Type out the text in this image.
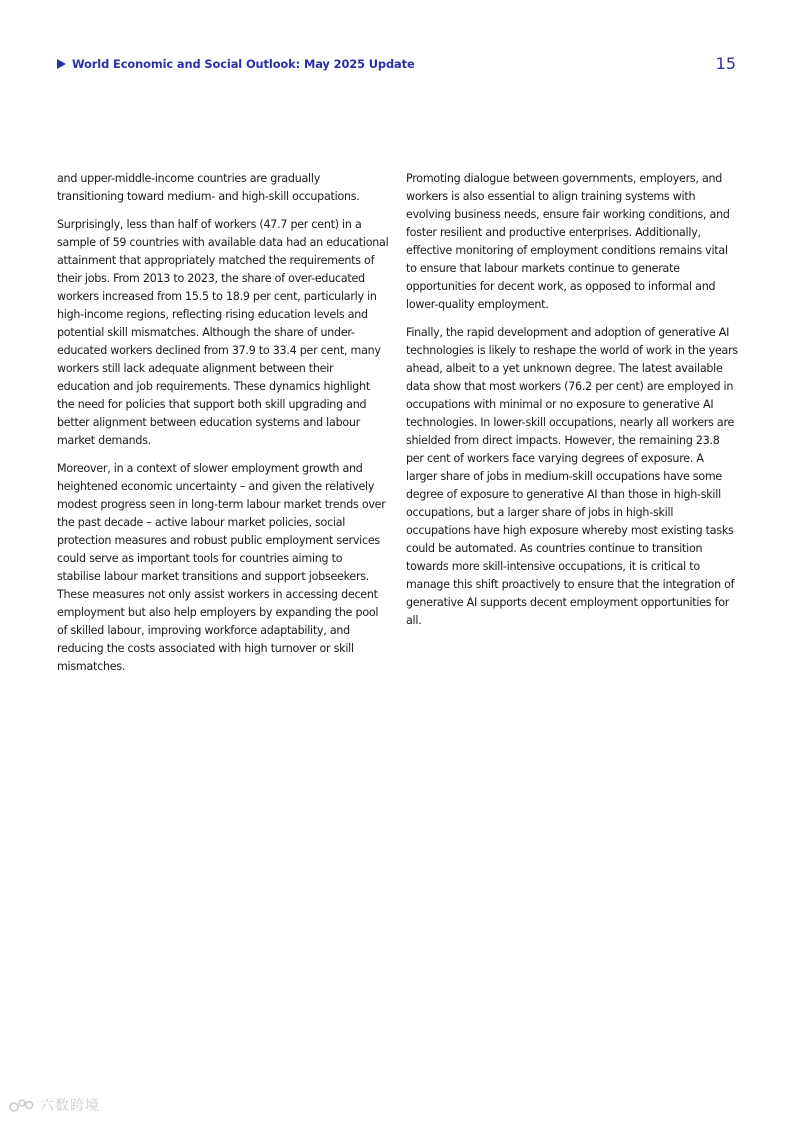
World Economic and Social Outlook: May 2025 Update	15

and upper-middle-income countries are gradually transitioning toward medium- and high-skill occupations.

Surprisingly, less than half of workers (47.7 per cent) in a sample of 59 countries with available data had an educational attainment that appropriately matched the requirements of their jobs. From 2013 to 2023, the share of over-educated workers increased from 15.5 to 18.9 per cent, particularly in high-income regions, reflecting rising education levels and potential skill mismatches. Although the share of under-educated workers declined from 37.9 to 33.4 per cent, many workers still lack adequate alignment between their education and job requirements. These dynamics highlight the need for policies that support both skill upgrading and better alignment between education systems and labour market demands.

Moreover, in a context of slower employment growth and heightened economic uncertainty – and given the relatively modest progress seen in long-term labour market trends over the past decade – active labour market policies, social protection measures and robust public employment services could serve as important tools for countries aiming to stabilise labour market transitions and support jobseekers. These measures not only assist workers in accessing decent employment but also help employers by expanding the pool of skilled labour, improving workforce adaptability, and reducing the costs associated with high turnover or skill mismatches.

Promoting dialogue between governments, employers, and workers is also essential to align training systems with evolving business needs, ensure fair working conditions, and foster resilient and productive enterprises. Additionally, effective monitoring of employment conditions remains vital to ensure that labour markets continue to generate opportunities for decent work, as opposed to informal and lower-quality employment.

Finally, the rapid development and adoption of generative AI technologies is likely to reshape the world of work in the years ahead, albeit to a yet unknown degree. The latest available data show that most workers (76.2 per cent) are employed in occupations with minimal or no exposure to generative AI technologies. In lower-skill occupations, nearly all workers are shielded from direct impacts. However, the remaining 23.8 per cent of workers face varying degrees of exposure. A larger share of jobs in medium-skill occupations have some degree of exposure to generative AI than those in high-skill occupations, but a larger share of jobs in high-skill occupations have high exposure whereby most existing tasks could be automated. As countries continue to transition towards more skill-intensive occupations, it is critical to manage this shift proactively to ensure that the integration of generative AI supports decent employment opportunities for all.

六数跨境
